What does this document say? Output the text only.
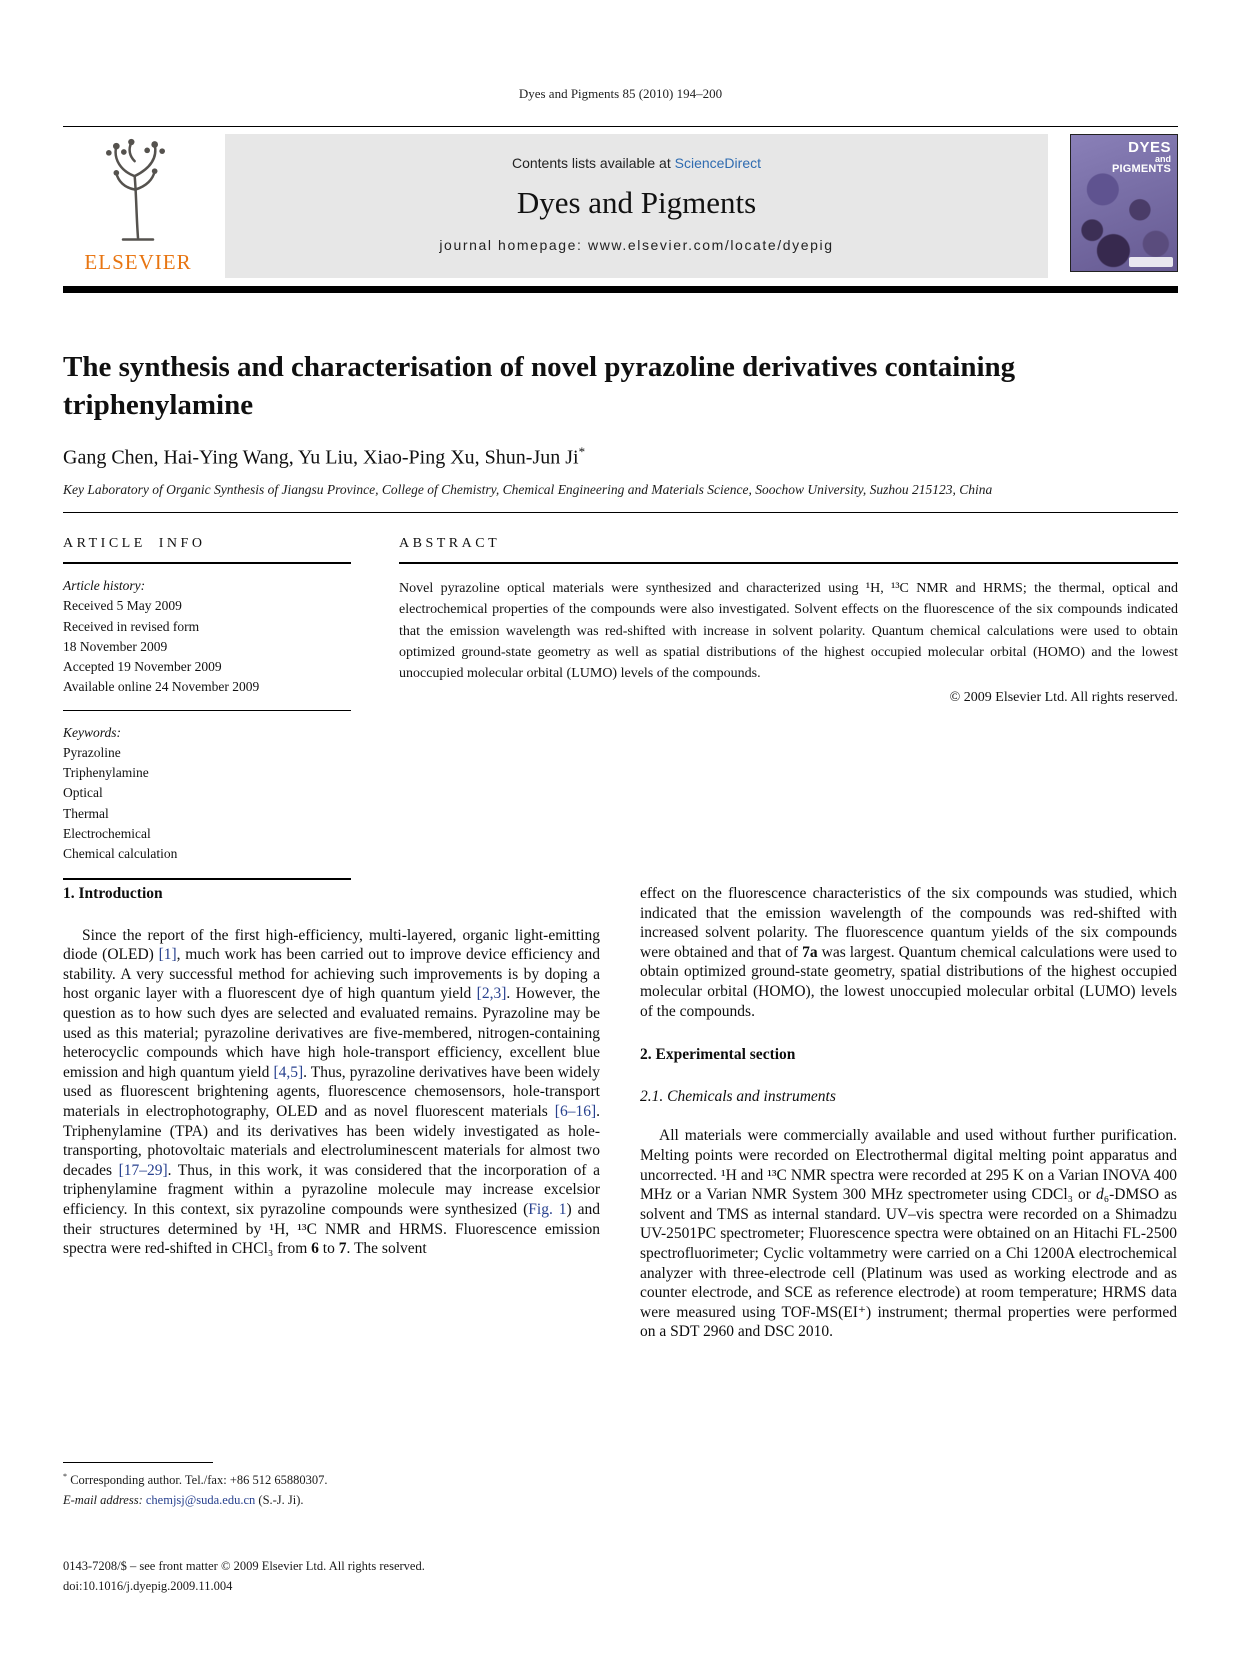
Dyes and Pigments 85 (2010) 194–200
ELSEVIER
Contents lists available at ScienceDirect
Dyes and Pigments
journal homepage: www.elsevier.com/locate/dyepig
DYES
and
PIGMENTS
The synthesis and characterisation of novel pyrazoline derivatives containing triphenylamine
Gang Chen, Hai-Ying Wang, Yu Liu, Xiao-Ping Xu, Shun-Jun Ji*
Key Laboratory of Organic Synthesis of Jiangsu Province, College of Chemistry, Chemical Engineering and Materials Science, Soochow University, Suzhou 215123, China
ARTICLE INFO
Article history:
Received 5 May 2009
Received in revised form
18 November 2009
Accepted 19 November 2009
Available online 24 November 2009
Keywords:
Pyrazoline
Triphenylamine
Optical
Thermal
Electrochemical
Chemical calculation
ABSTRACT
Novel pyrazoline optical materials were synthesized and characterized using ¹H, ¹³C NMR and HRMS; the thermal, optical and electrochemical properties of the compounds were also investigated. Solvent effects on the fluorescence of the six compounds indicated that the emission wavelength was red-shifted with increase in solvent polarity. Quantum chemical calculations were used to obtain optimized ground-state geometry as well as spatial distributions of the highest occupied molecular orbital (HOMO) and the lowest unoccupied molecular orbital (LUMO) levels of the compounds.
© 2009 Elsevier Ltd. All rights reserved.
1. Introduction

Since the report of the first high-efficiency, multi-layered, organic light-emitting diode (OLED) [1], much work has been carried out to improve device efficiency and stability. A very successful method for achieving such improvements is by doping a host organic layer with a fluorescent dye of high quantum yield [2,3]. However, the question as to how such dyes are selected and evaluated remains. Pyrazoline may be used as this material; pyrazoline derivatives are five-membered, nitrogen-containing heterocyclic compounds which have high hole-transport efficiency, excellent blue emission and high quantum yield [4,5]. Thus, pyrazoline derivatives have been widely used as fluorescent brightening agents, fluorescence chemosensors, hole-transport materials in electrophotography, OLED and as novel fluorescent materials [6–16]. Triphenylamine (TPA) and its derivatives has been widely investigated as hole-transporting, photovoltaic materials and electroluminescent materials for almost two decades [17–29]. Thus, in this work, it was considered that the incorporation of a triphenylamine fragment within a pyrazoline molecule may increase excelsior efficiency. In this context, six pyrazoline compounds were synthesized (Fig. 1) and their structures determined by ¹H, ¹³C NMR and HRMS. Fluorescence emission spectra were red-shifted in CHCl₃ from 6 to 7. The solvent

effect on the fluorescence characteristics of the six compounds was studied, which indicated that the emission wavelength of the compounds was red-shifted with increased solvent polarity. The fluorescence quantum yields of the six compounds were obtained and that of 7a was largest. Quantum chemical calculations were used to obtain optimized ground-state geometry, spatial distributions of the highest occupied molecular orbital (HOMO), the lowest unoccupied molecular orbital (LUMO) levels of the compounds.

2. Experimental section
2.1. Chemicals and instruments

All materials were commercially available and used without further purification. Melting points were recorded on Electrothermal digital melting point apparatus and uncorrected. ¹H and ¹³C NMR spectra were recorded at 295 K on a Varian INOVA 400 MHz or a Varian NMR System 300 MHz spectrometer using CDCl₃ or d₆-DMSO as solvent and TMS as internal standard. UV–vis spectra were recorded on a Shimadzu UV-2501PC spectrometer; Fluorescence spectra were obtained on an Hitachi FL-2500 spectrofluorimeter; Cyclic voltammetry were carried on a Chi 1200A electrochemical analyzer with three-electrode cell (Platinum was used as working electrode and as counter electrode, and SCE as reference electrode) at room temperature; HRMS data were measured using TOF-MS(EI⁺) instrument; thermal properties were performed on a SDT 2960 and DSC 2010.

* Corresponding author. Tel./fax: +86 512 65880307.
E-mail address: chemjsj@suda.edu.cn (S.-J. Ji).
0143-7208/$ – see front matter © 2009 Elsevier Ltd. All rights reserved.
doi:10.1016/j.dyepig.2009.11.004
